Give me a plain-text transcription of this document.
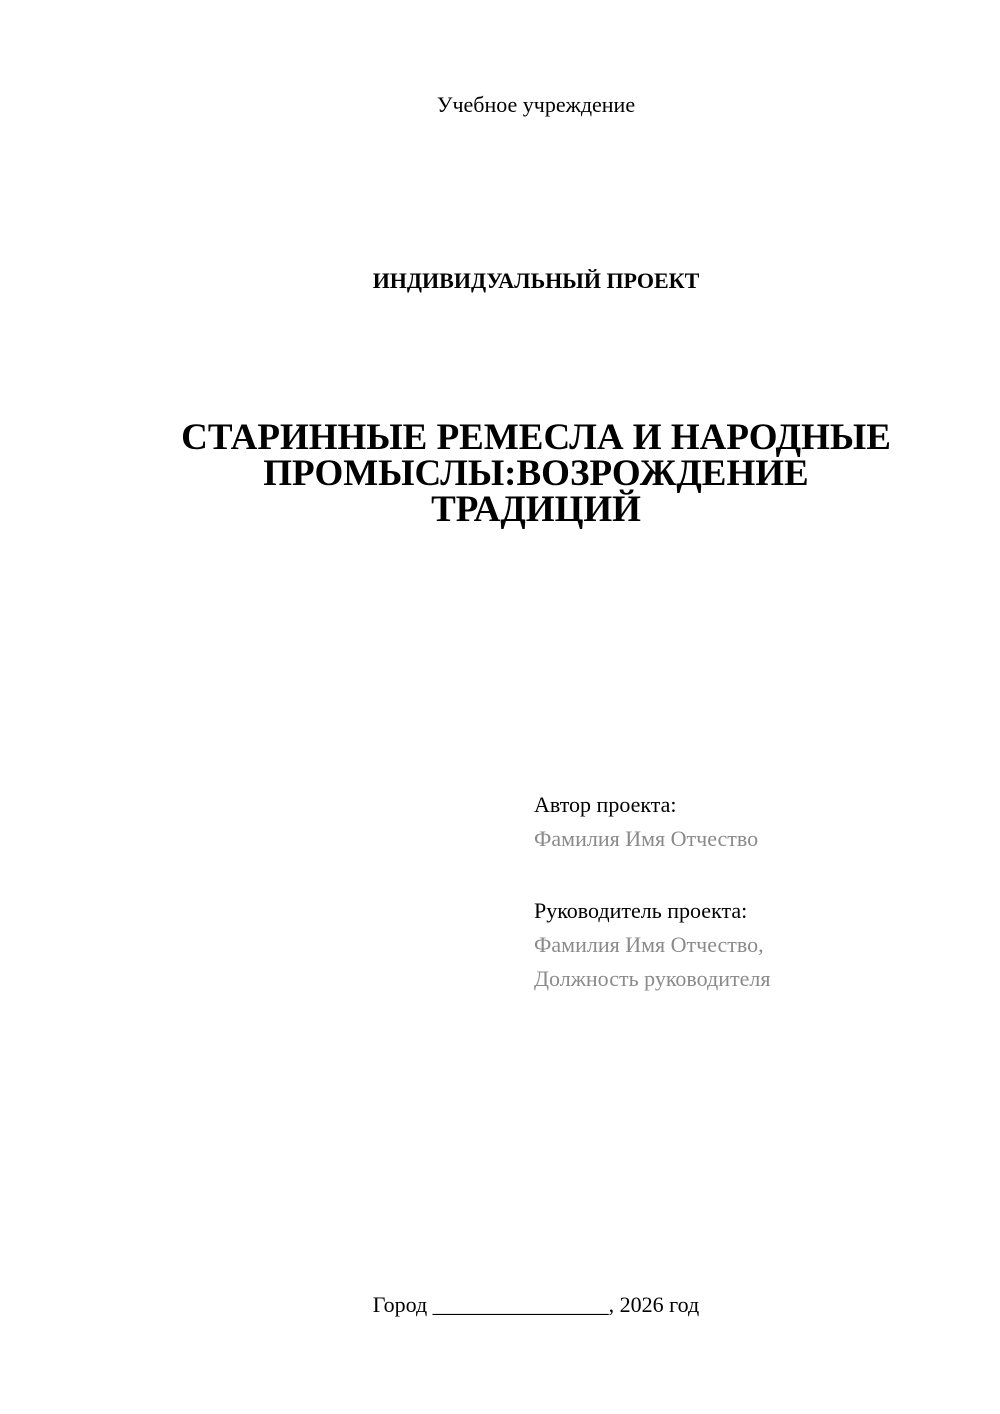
Учебное учреждение
ИНДИВИДУАЛЬНЫЙ ПРОЕКТ
СТАРИННЫЕ РЕМЕСЛА И НАРОДНЫЕ
ПРОМЫСЛЫ:ВОЗРОЖДЕНИЕ
ТРАДИЦИЙ
Автор проекта:
Фамилия Имя Отчество
Руководитель проекта:
Фамилия Имя Отчество,
Должность руководителя
Город ________________, 2026 год
